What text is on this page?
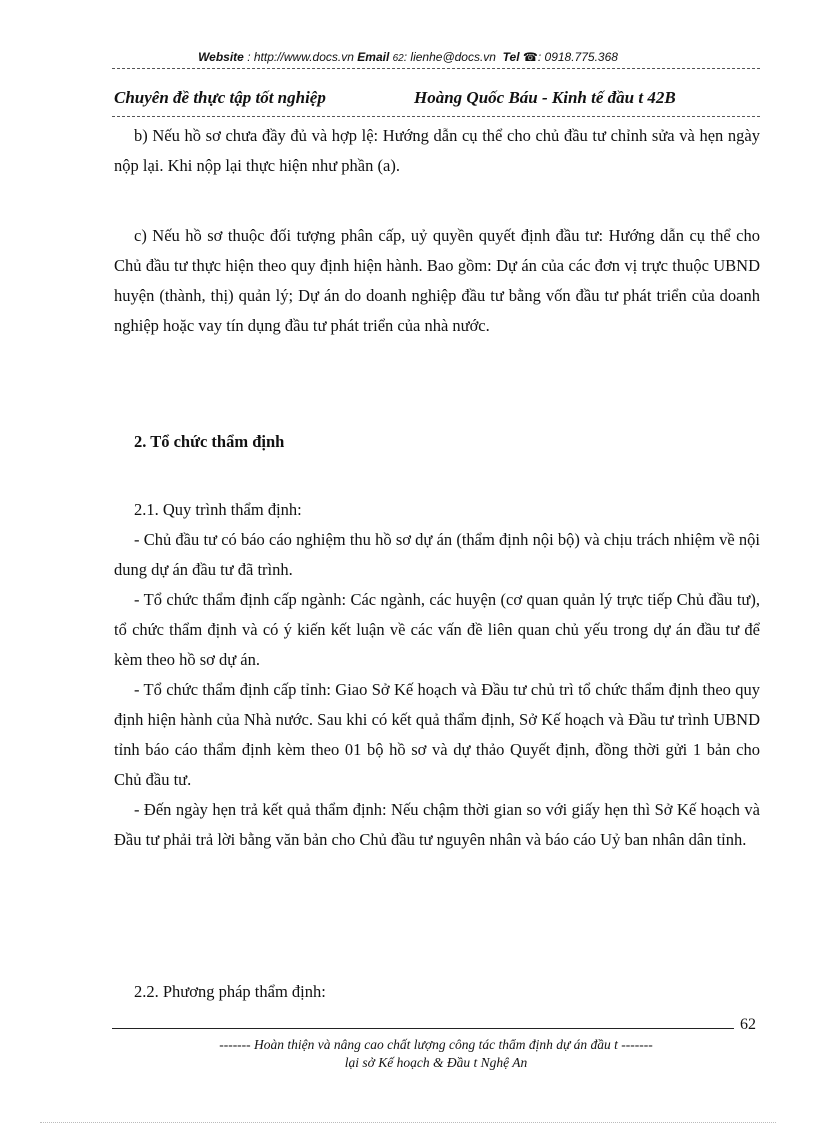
Website : http://www.docs.vn Email 62: lienhe@docs.vn Tel ☎: 0918.775.368
Chuyên đề thực tập tốt nghiệp	Hoàng Quốc Báu - Kinh tế đầu t 42B

b) Nếu hồ sơ chưa đầy đủ và hợp lệ: Hướng dẫn cụ thể cho chủ đầu tư chỉnh sửa và hẹn ngày nộp lại. Khi nộp lại thực hiện như phần (a).

c) Nếu hồ sơ thuộc đối tượng phân cấp, uỷ quyền quyết định đầu tư: Hướng dẫn cụ thể cho Chủ đầu tư thực hiện theo quy định hiện hành. Bao gồm: Dự án của các đơn vị trực thuộc UBND huyện (thành, thị) quản lý; Dự án do doanh nghiệp đầu tư bằng vốn đầu tư phát triển của doanh nghiệp hoặc vay tín dụng đầu tư phát triển của nhà nước.

2. Tổ chức thẩm định

2.1. Quy trình thẩm định:

- Chủ đầu tư có báo cáo nghiệm thu hồ sơ dự án (thẩm định nội bộ) và chịu trách nhiệm về nội dung dự án đầu tư đã trình.

- Tổ chức thẩm định cấp ngành: Các ngành, các huyện (cơ quan quản lý trực tiếp Chủ đầu tư), tổ chức thẩm định và có ý kiến kết luận về các vấn đề liên quan chủ yếu trong dự án đầu tư để kèm theo hồ sơ dự án.

- Tổ chức thẩm định cấp tỉnh: Giao Sở Kế hoạch và Đầu tư chủ trì tổ chức thẩm định theo quy định hiện hành của Nhà nước. Sau khi có kết quả thẩm định, Sở Kế hoạch và Đầu tư trình UBND tỉnh báo cáo thẩm định kèm theo 01 bộ hồ sơ và dự thảo Quyết định, đồng thời gửi 1 bản cho Chủ đầu tư.

- Đến ngày hẹn trả kết quả thẩm định: Nếu chậm thời gian so với giấy hẹn thì Sở Kế hoạch và Đầu tư phải trả lời bằng văn bản cho Chủ đầu tư nguyên nhân và báo cáo Uỷ ban nhân dân tỉnh.

2.2. Phương pháp thẩm định:

62
------- Hoàn thiện và nâng cao chất lượng công tác thẩm định dự án đầu t -------
lại sở Kế hoạch & Đầu t Nghệ An
